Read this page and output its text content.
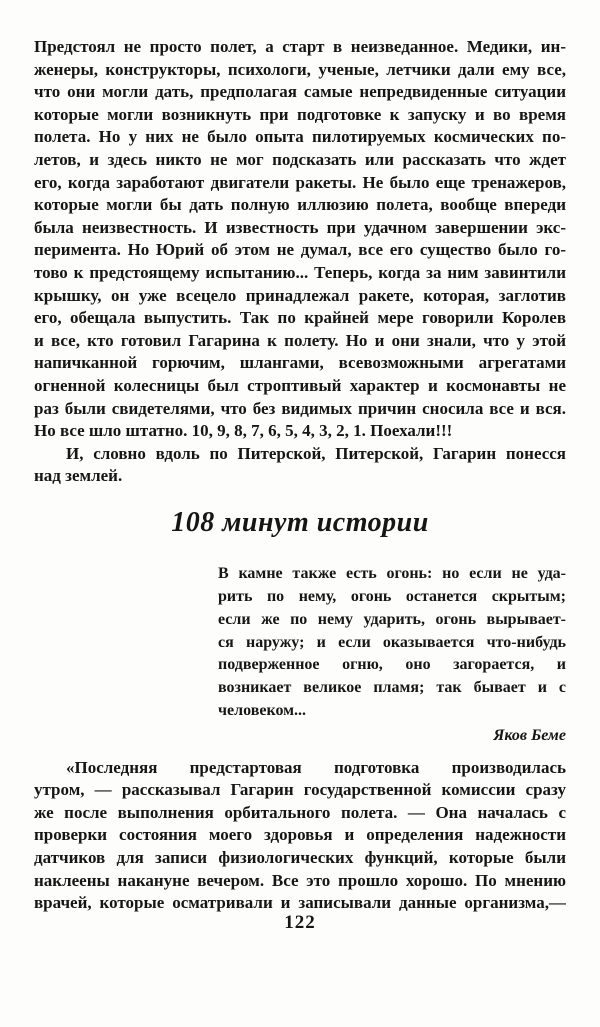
Предстоял не просто полет, а старт в неизведанное. Медики, ин-
женеры, конструкторы, психологи, ученые, летчики дали ему все,
что они могли дать, предполагая самые непредвиденные ситуации
которые могли возникнуть при подготовке к запуску и во время
полета. Но у них не было опыта пилотируемых космических по-
летов, и здесь никто не мог подсказать или рассказать что ждет
его, когда заработают двигатели ракеты. Не было еще тренажеров,
которые могли бы дать полную иллюзию полета, вообще впереди
была неизвестность. И известность при удачном завершении экс-
перимента. Но Юрий об этом не думал, все его существо было го-
тово к предстоящему испытанию... Теперь, когда за ним завинтили
крышку, он уже всецело принадлежал ракете, которая, заглотив
его, обещала выпустить. Так по крайней мере говорили Королев
и все, кто готовил Гагарина к полету. Но и они знали, что у этой
напичканной горючим, шлангами, всевозможными агрегатами
огненной колесницы был строптивый характер и космонавты не
раз были свидетелями, что без видимых причин сносила все и вся.
Но все шло штатно. 10, 9, 8, 7, 6, 5, 4, 3, 2, 1. Поехали!!!
И, словно вдоль по Питерской, Питерской, Гагарин понесся
над землей.
108 минут истории
В камне также есть огонь: но если не уда-
рить по нему, огонь останется скрытым;
если же по нему ударить, огонь вырывает-
ся наружу; и если оказывается что-нибудь
подверженное огню, оно загорается, и
возникает великое пламя; так бывает и с
человеком...
Яков Беме
«Последняя предстартовая подготовка производилась
утром, — рассказывал Гагарин государственной комиссии сразу
же после выполнения орбитального полета. — Она началась с
проверки состояния моего здоровья и определения надежности
датчиков для записи физиологических функций, которые были
наклеены накануне вечером. Все это прошло хорошо. По мнению
врачей, которые осматривали и записывали данные организма,—
122
